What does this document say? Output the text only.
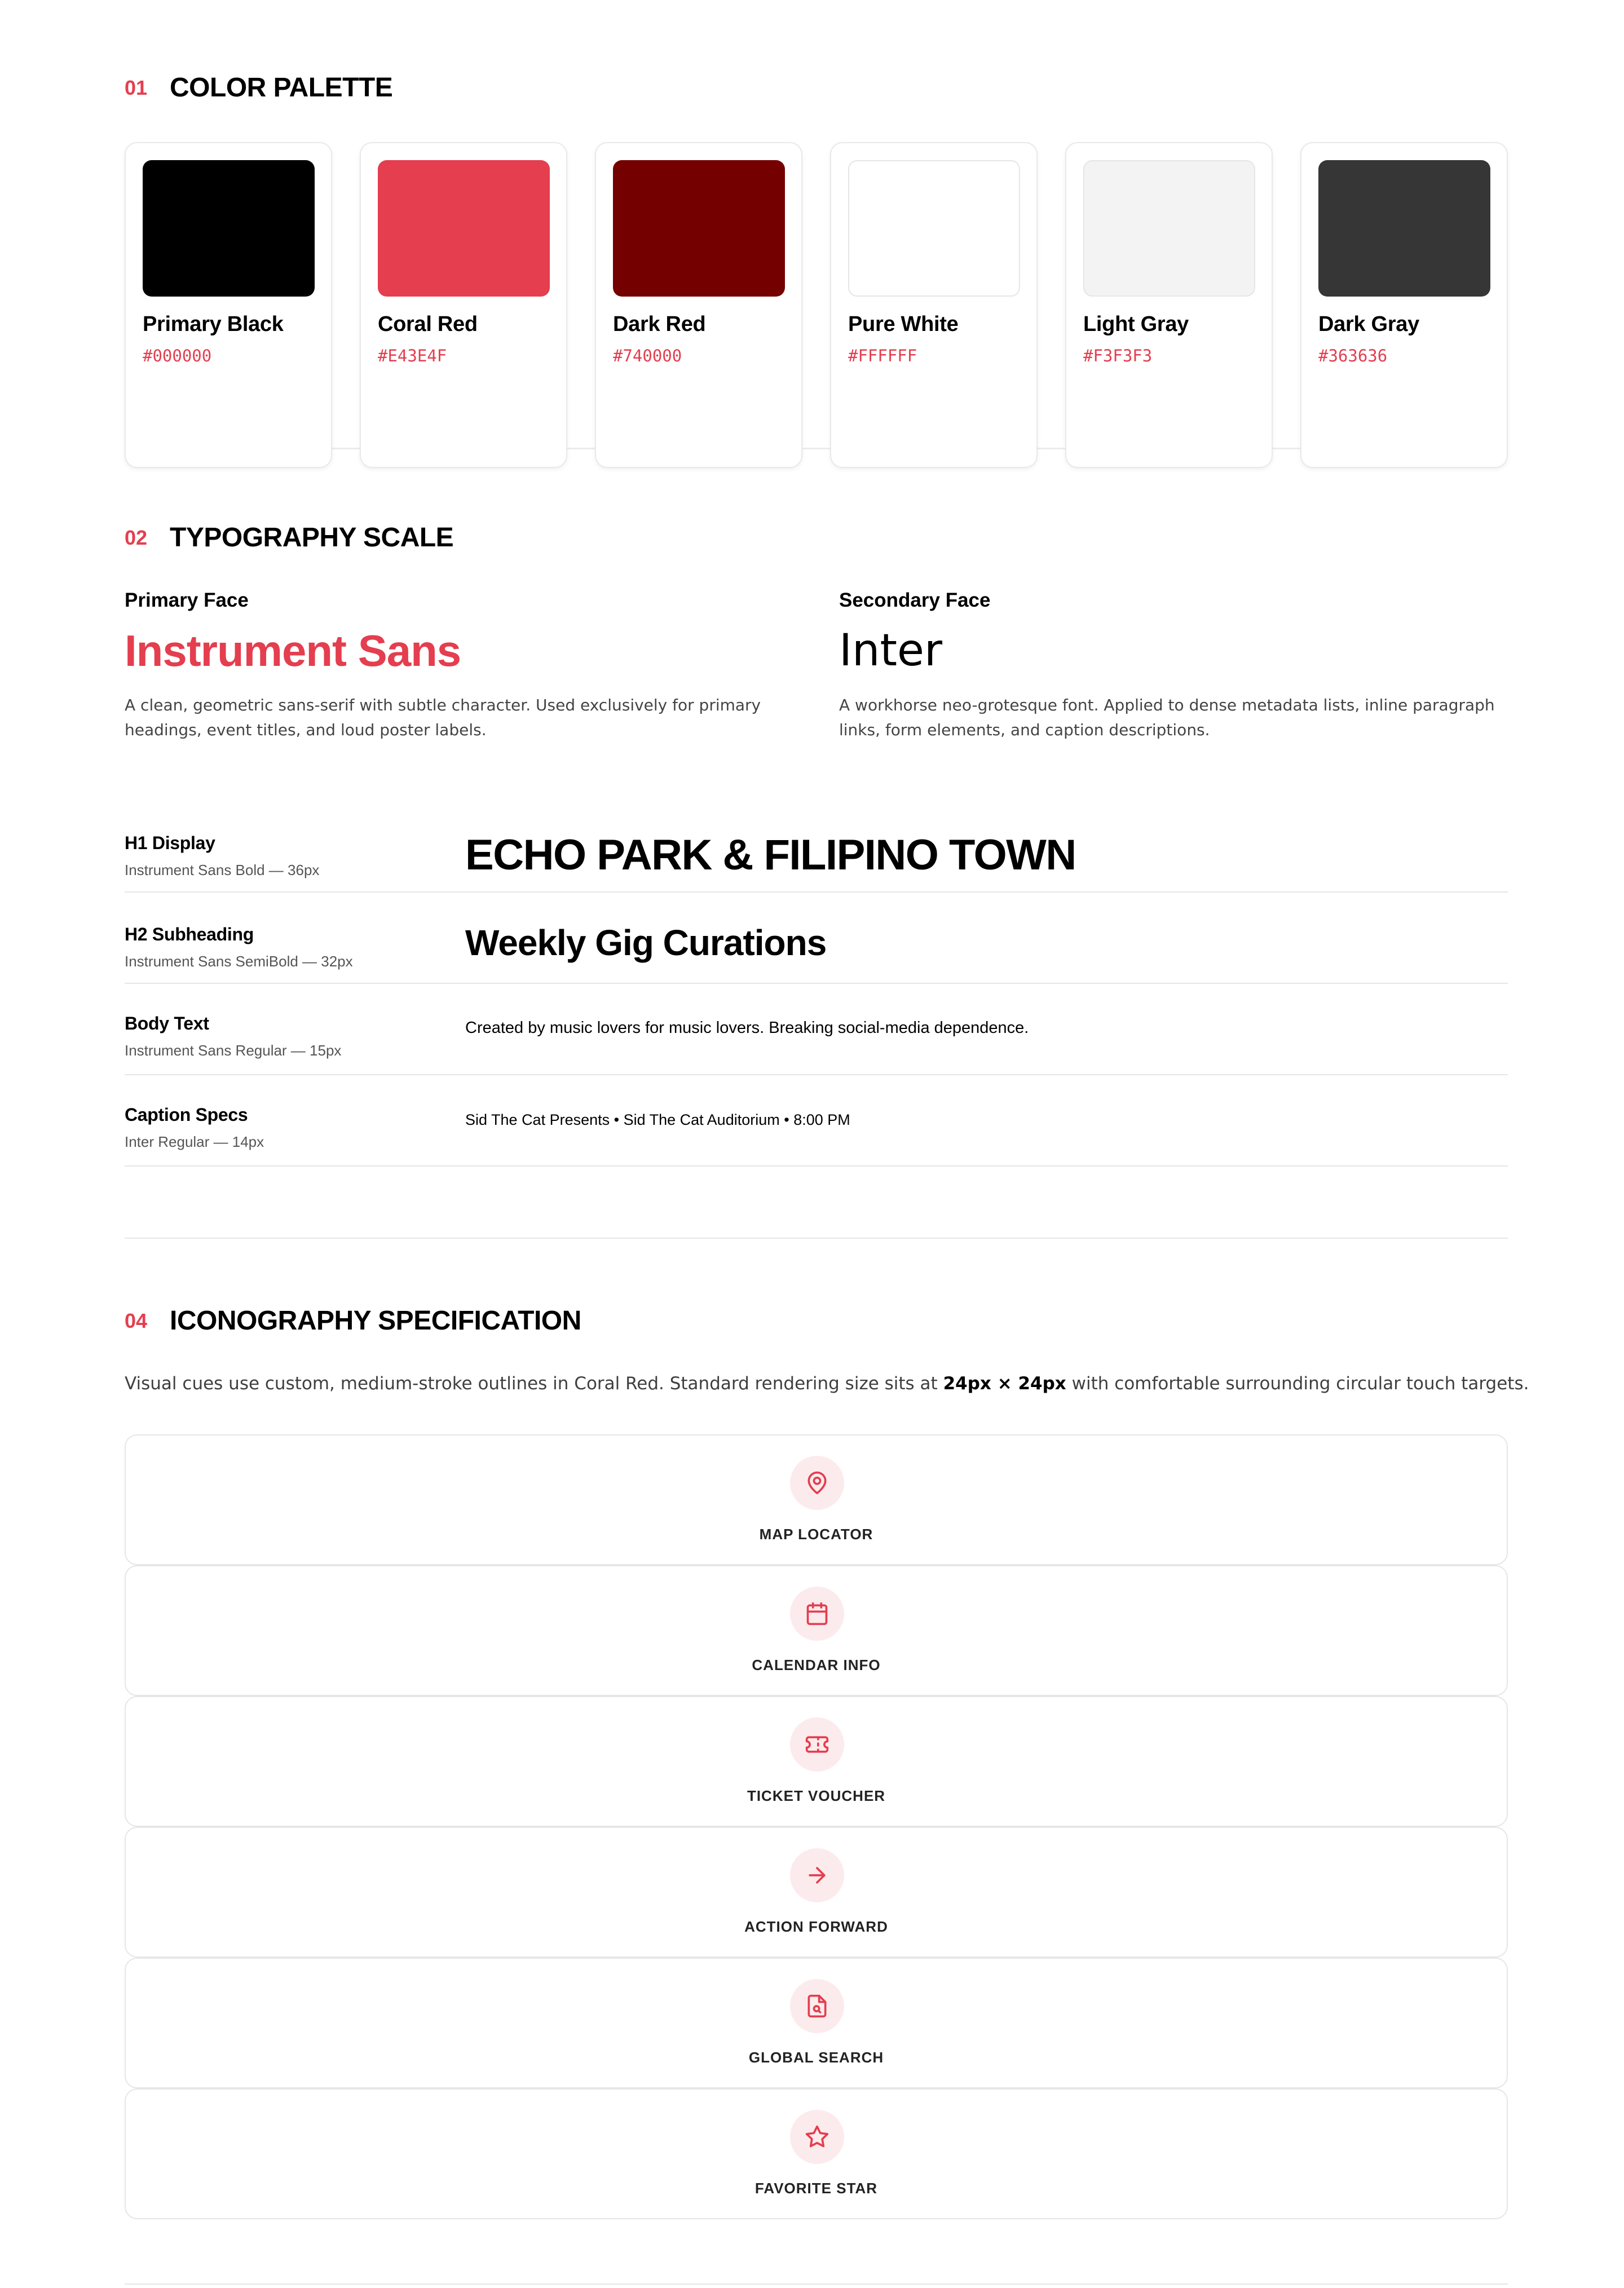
01 COLOR PALETTE
Primary Black
#000000
Coral Red
#E43E4F
Dark Red
#740000
Pure White
#FFFFFF
Light Gray
#F3F3F3
Dark Gray
#363636
02 TYPOGRAPHY SCALE
Primary Face
Instrument Sans
A clean, geometric sans-serif with subtle character. Used exclusively for primary headings, event titles, and loud poster labels.
Secondary Face
Inter
A workhorse neo-grotesque font. Applied to dense metadata lists, inline paragraph links, form elements, and caption descriptions.
H1 Display
Instrument Sans Bold — 36px	ECHO PARK & FILIPINO TOWN
H2 Subheading
Instrument Sans SemiBold — 32px	Weekly Gig Curations
Body Text
Instrument Sans Regular — 15px
Created by music lovers for music lovers. Breaking social-media dependence.
Caption Specs
Inter Regular — 14px
Sid The Cat Presents • Sid The Cat Auditorium • 8:00 PM
04 ICONOGRAPHY SPECIFICATION
Visual cues use custom, medium-stroke outlines in Coral Red. Standard rendering size sits at 24px × 24px with comfortable surrounding circular touch targets.
MAP LOCATOR
CALENDAR INFO
TICKET VOUCHER
ACTION FORWARD
GLOBAL SEARCH
FAVORITE STAR
